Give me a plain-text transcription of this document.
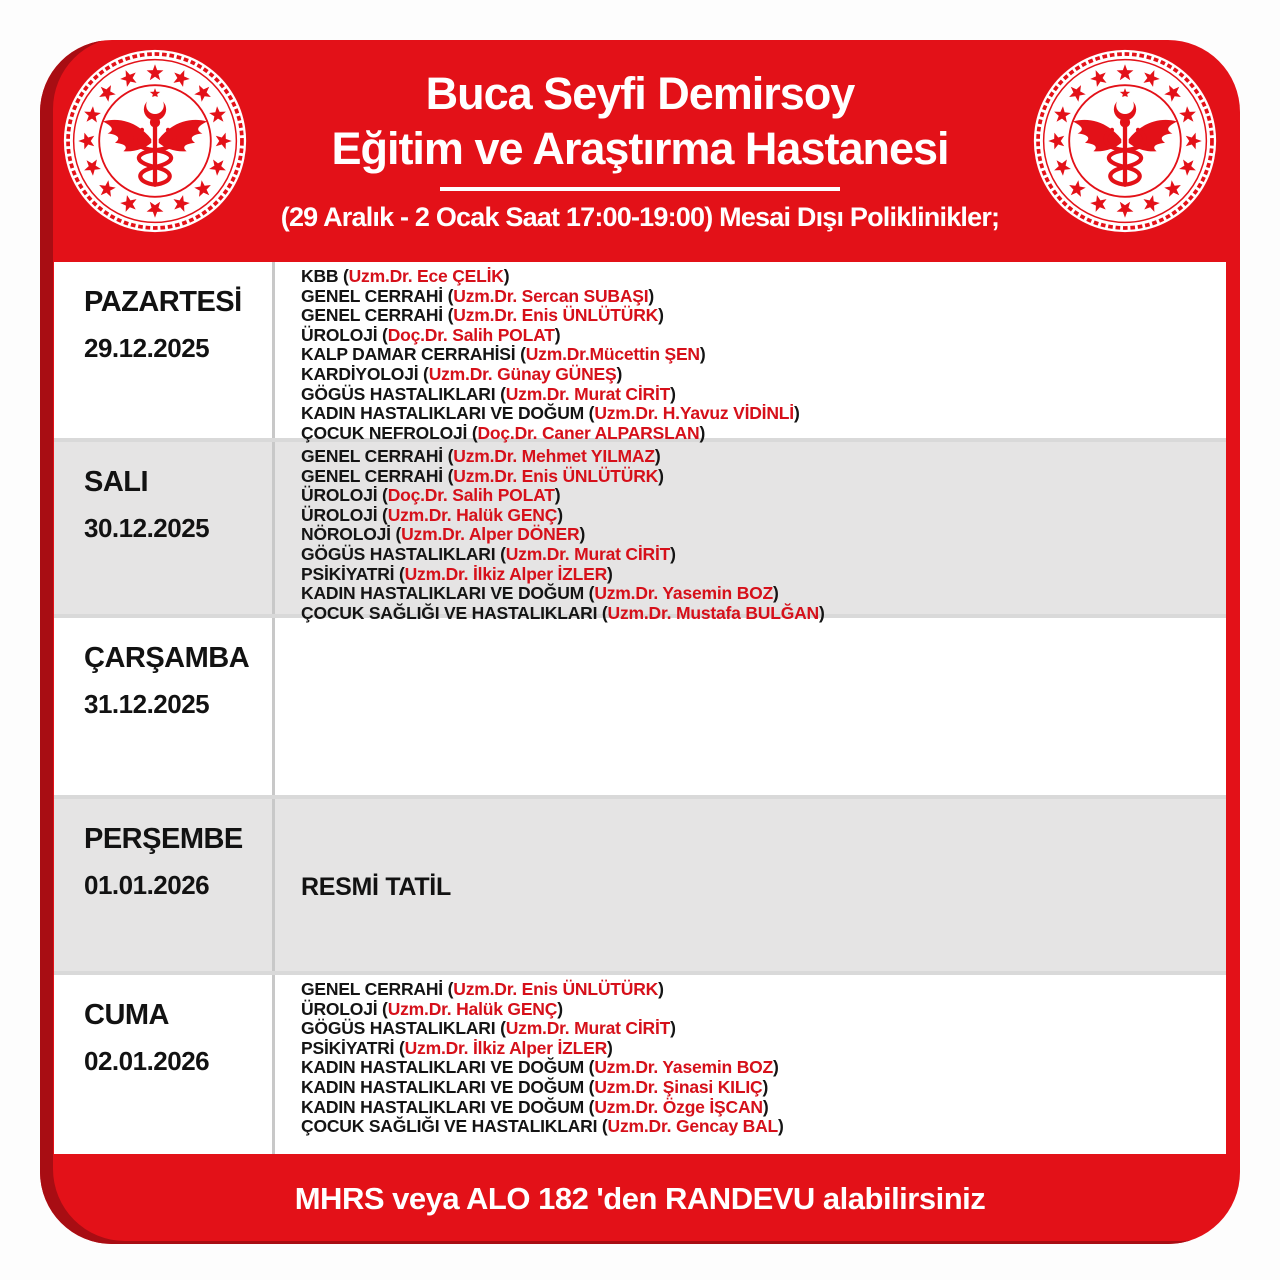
Buca Seyfi Demirsoy
Eğitim ve Araştırma Hastanesi
(29 Aralık - 2 Ocak Saat 17:00-19:00) Mesai Dışı Poliklinikler;
PAZARTESİ
29.12.2025
KBB (Uzm.Dr. Ece ÇELİK)
GENEL CERRAHİ (Uzm.Dr. Sercan SUBAŞI)
GENEL CERRAHİ (Uzm.Dr. Enis ÜNLÜTÜRK)
ÜROLOJİ (Doç.Dr. Salih POLAT)
KALP DAMAR CERRAHİSİ (Uzm.Dr.Mücettin ŞEN)
KARDİYOLOJİ (Uzm.Dr. Günay GÜNEŞ)
GÖGÜS HASTALIKLARI (Uzm.Dr. Murat CİRİT)
KADIN HASTALIKLARI VE DOĞUM (Uzm.Dr. H.Yavuz VİDİNLİ)
ÇOCUK NEFROLOJİ (Doç.Dr. Caner ALPARSLAN)
SALI
30.12.2025
GENEL CERRAHİ (Uzm.Dr. Mehmet YILMAZ)
GENEL CERRAHİ (Uzm.Dr. Enis ÜNLÜTÜRK)
ÜROLOJİ (Doç.Dr. Salih POLAT)
ÜROLOJİ (Uzm.Dr. Halük GENÇ)
NÖROLOJİ (Uzm.Dr. Alper DÖNER)
GÖGÜS HASTALIKLARI (Uzm.Dr. Murat CİRİT)
PSİKİYATRİ (Uzm.Dr. İlkiz Alper İZLER)
KADIN HASTALIKLARI VE DOĞUM (Uzm.Dr. Yasemin BOZ)
ÇOCUK SAĞLIĞI VE HASTALIKLARI (Uzm.Dr. Mustafa BULĞAN)
ÇARŞAMBA
31.12.2025
PERŞEMBE
01.01.2026	RESMİ TATİL
CUMA
02.01.2026
GENEL CERRAHİ (Uzm.Dr. Enis ÜNLÜTÜRK)
ÜROLOJİ (Uzm.Dr. Halük GENÇ)
GÖGÜS HASTALIKLARI (Uzm.Dr. Murat CİRİT)
PSİKİYATRİ (Uzm.Dr. İlkiz Alper İZLER)
KADIN HASTALIKLARI VE DOĞUM (Uzm.Dr. Yasemin BOZ)
KADIN HASTALIKLARI VE DOĞUM (Uzm.Dr. Şinasi KILIÇ)
KADIN HASTALIKLARI VE DOĞUM (Uzm.Dr. Özge İŞCAN)
ÇOCUK SAĞLIĞI VE HASTALIKLARI (Uzm.Dr. Gencay BAL)
MHRS veya ALO 182 'den RANDEVU alabilirsiniz
